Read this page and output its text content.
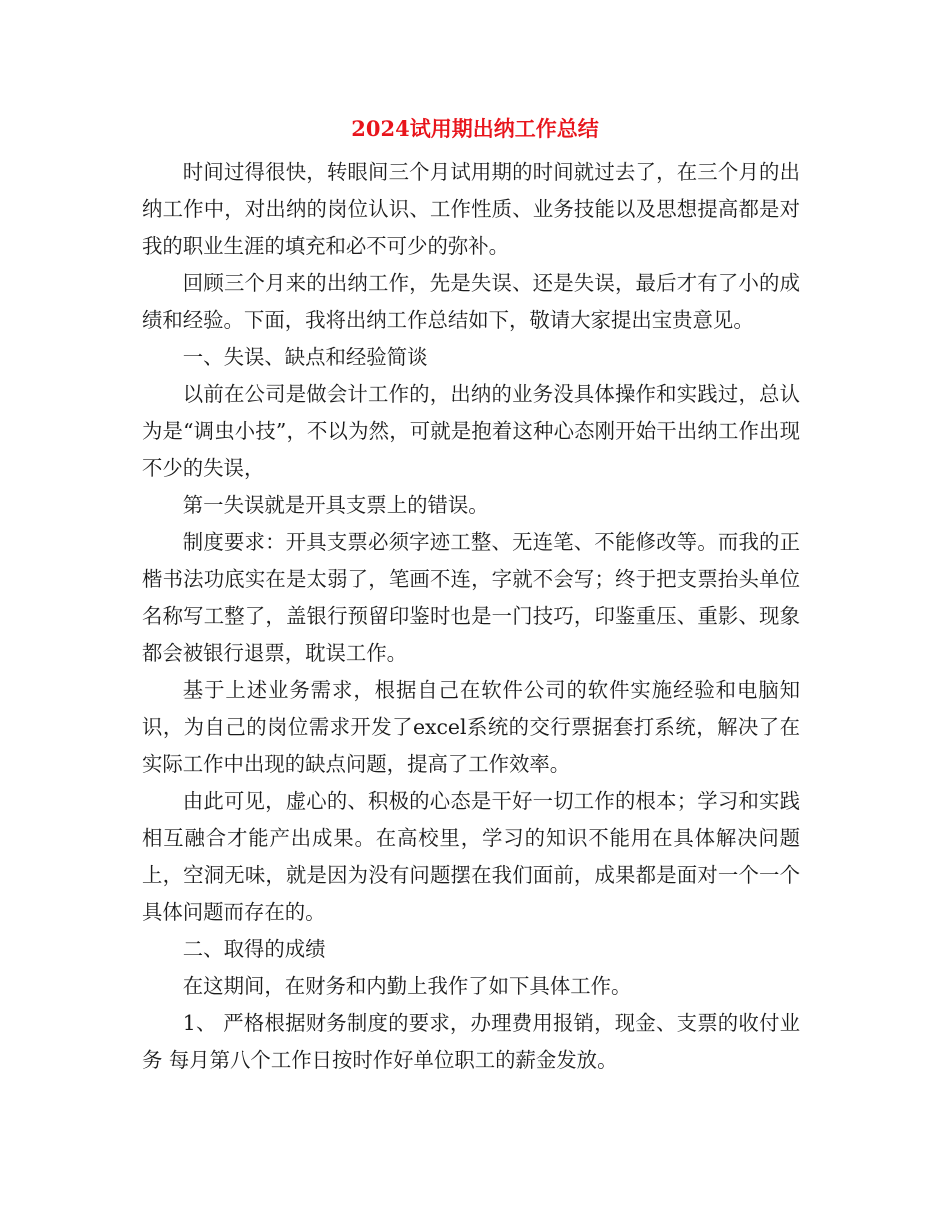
2024试用期出纳工作总结

时间过得很快，转眼间三个月试用期的时间就过去了，在三个月的出纳工作中，对出纳的岗位认识、工作性质、业务技能以及思想提高都是对我的职业生涯的填充和必不可少的弥补。

回顾三个月来的出纳工作，先是失误、还是失误，最后才有了小的成绩和经验。下面，我将出纳工作总结如下，敬请大家提出宝贵意见。

一、失误、缺点和经验简谈

以前在公司是做会计工作的，出纳的业务没具体操作和实践过，总认为是“调虫小技”，不以为然，可就是抱着这种心态刚开始干出纳工作出现不少的失误，

第一失误就是开具支票上的错误。

制度要求：开具支票必须字迹工整、无连笔、不能修改等。而我的正楷书法功底实在是太弱了，笔画不连，字就不会写；终于把支票抬头单位名称写工整了，盖银行预留印鉴时也是一门技巧，印鉴重压、重影、现象都会被银行退票，耽误工作。

基于上述业务需求，根据自己在软件公司的软件实施经验和电脑知识，为自己的岗位需求开发了excel系统的交行票据套打系统，解决了在实际工作中出现的缺点问题，提高了工作效率。

由此可见，虚心的、积极的心态是干好一切工作的根本；学习和实践相互融合才能产出成果。在高校里，学习的知识不能用在具体解决问题上，空洞无味，就是因为没有问题摆在我们面前，成果都是面对一个一个具体问题而存在的。

二、取得的成绩

在这期间，在财务和内勤上我作了如下具体工作。

1、 严格根据财务制度的要求，办理费用报销，现金、支票的收付业务 每月第八个工作日按时作好单位职工的薪金发放。
